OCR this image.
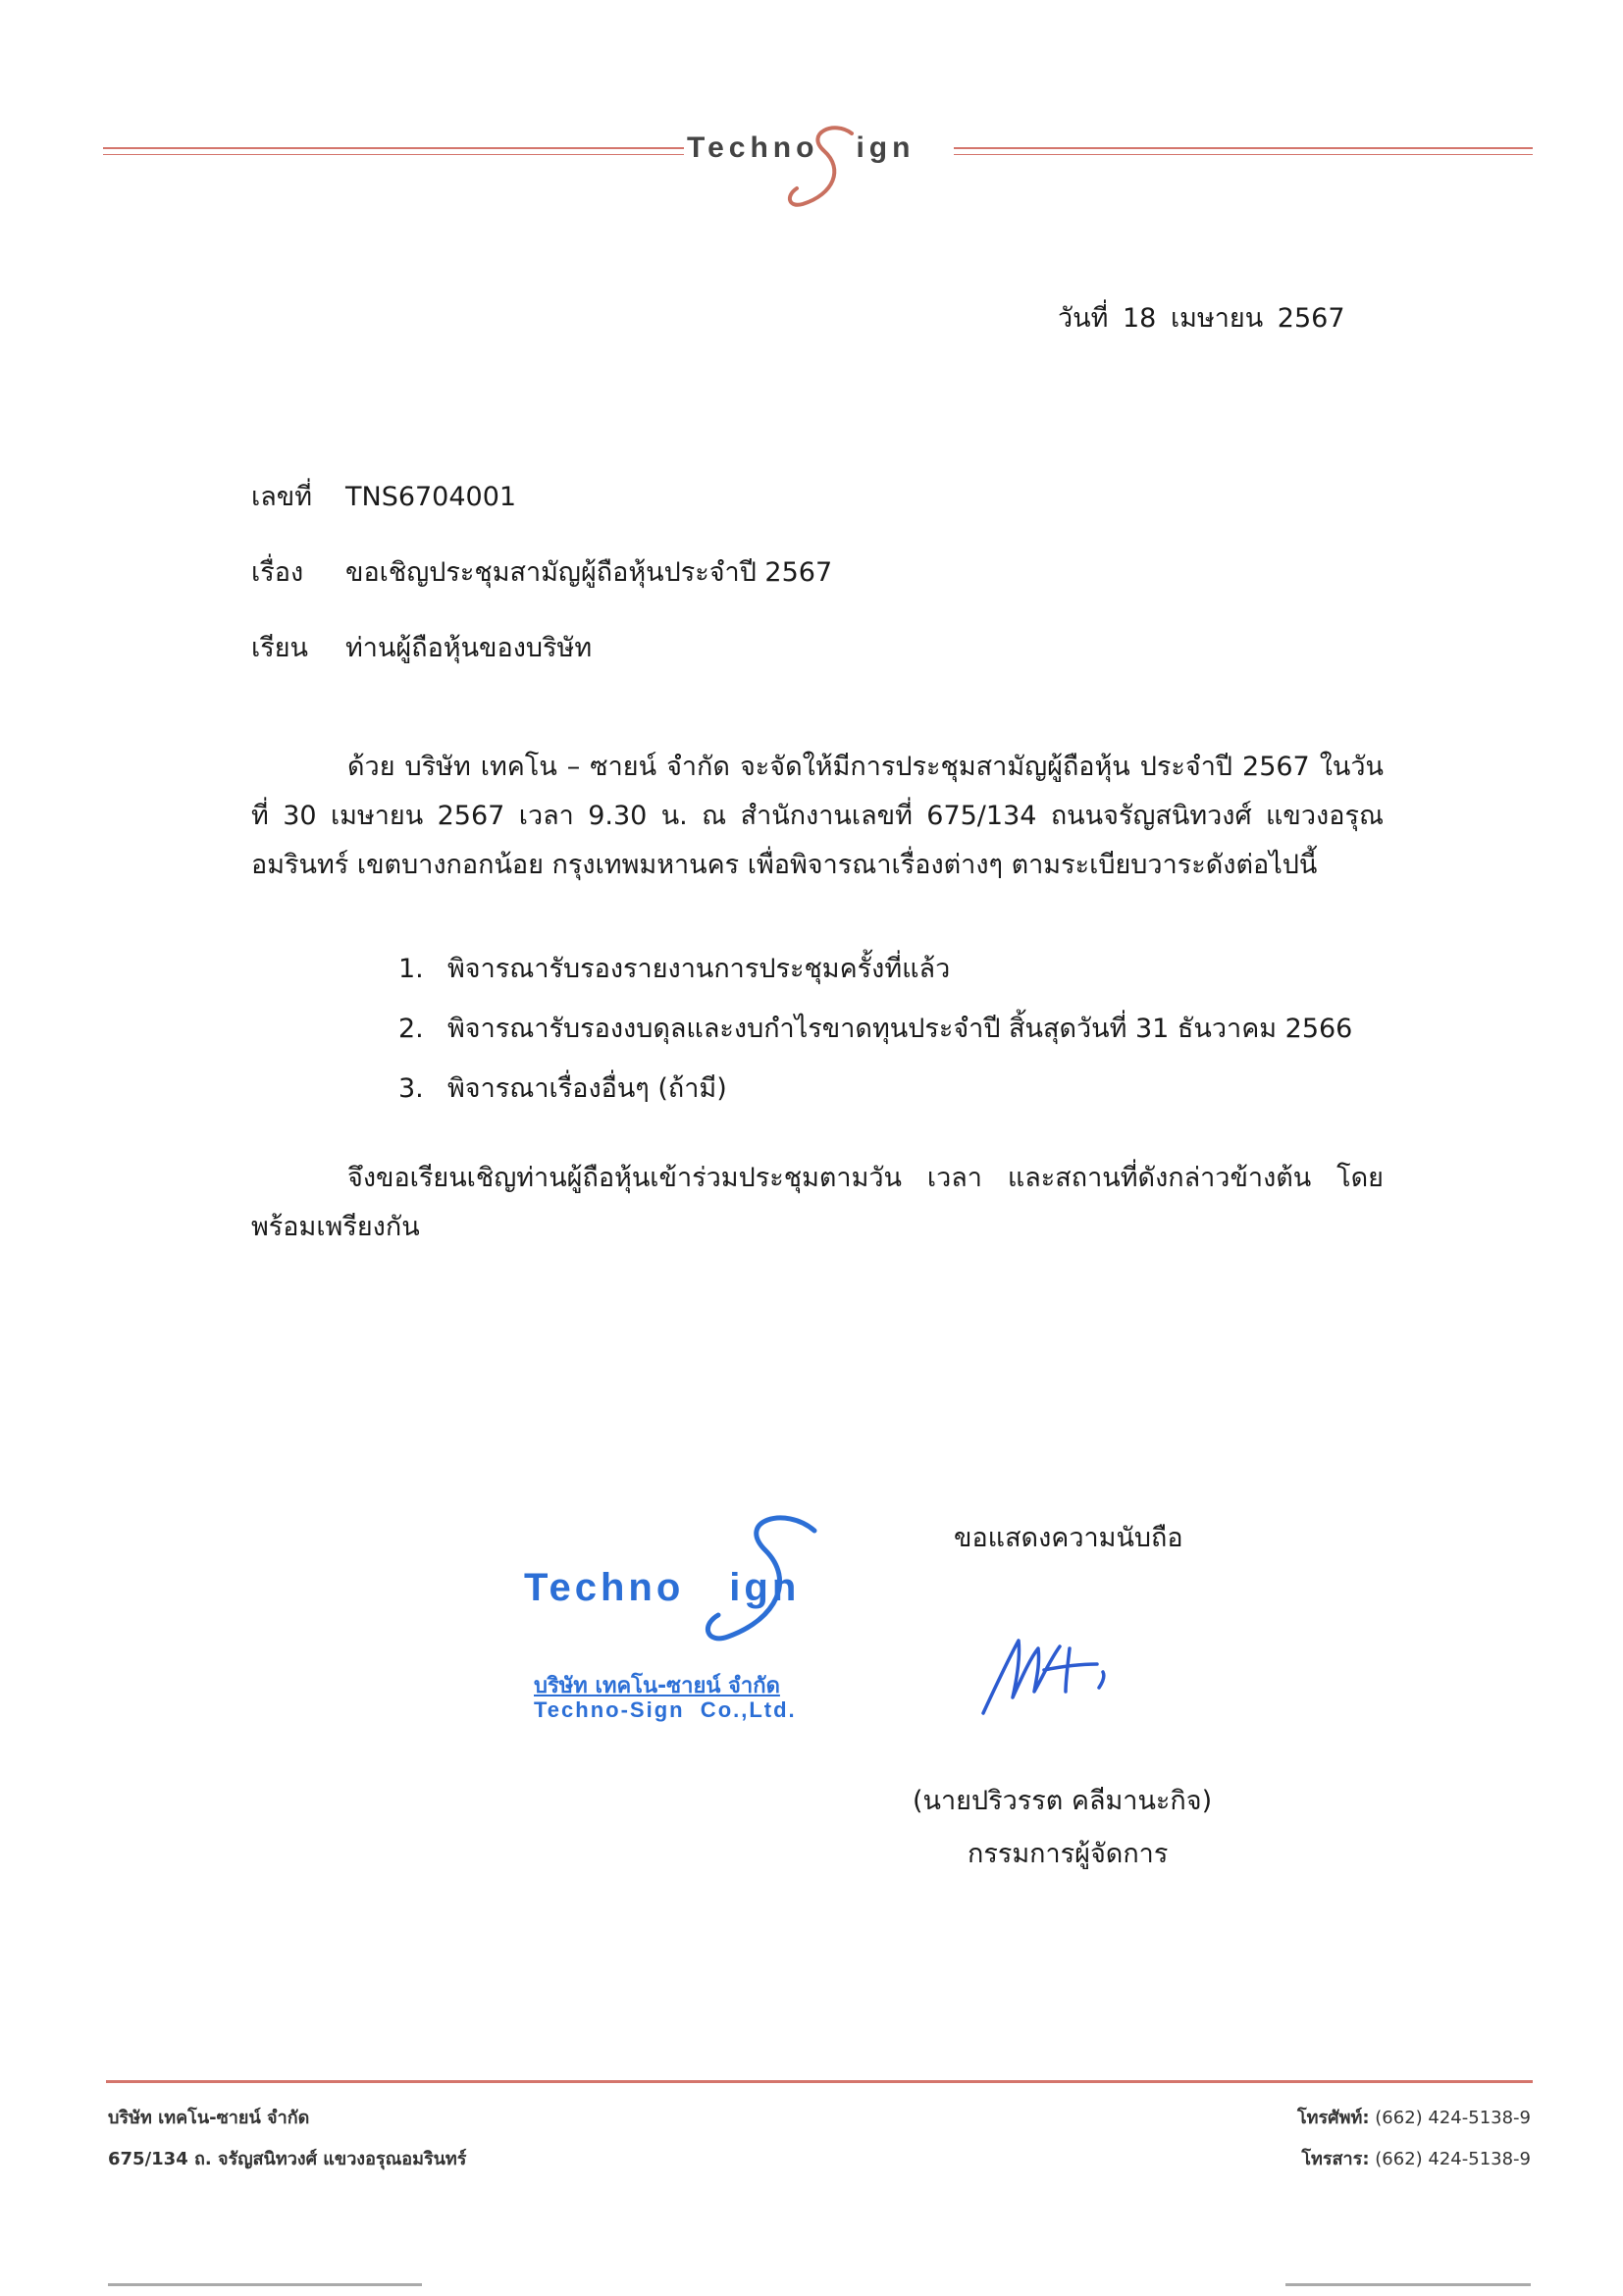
Techno ign
วันที่ 18 เมษายน 2567
เลขที่ TNS6704001
เรื่อง ขอเชิญประชุมสามัญผู้ถือหุ้นประจำปี 2567
เรียน ท่านผู้ถือหุ้นของบริษัท
ด้วย บริษัท เทคโน – ซายน์ จำกัด จะจัดให้มีการประชุมสามัญผู้ถือหุ้น ประจำปี 2567 ในวันที่ 30 เมษายน 2567 เวลา 9.30 น. ณ สำนักงานเลขที่ 675/134 ถนนจรัญสนิทวงศ์ แขวงอรุณอมรินทร์ เขตบางกอกน้อย กรุงเทพมหานคร เพื่อพิจารณาเรื่องต่างๆ ตามระเบียบวาระดังต่อไปนี้
1. พิจารณารับรองรายงานการประชุมครั้งที่แล้ว
2. พิจารณารับรองงบดุลและงบกำไรขาดทุนประจำปี สิ้นสุดวันที่ 31 ธันวาคม 2566
3. พิจารณาเรื่องอื่นๆ (ถ้ามี)
จึงขอเรียนเชิญท่านผู้ถือหุ้นเข้าร่วมประชุมตามวัน เวลา และสถานที่ดังกล่าวข้างต้น โดยพร้อมเพรียงกัน
Techno ign
บริษัท เทคโน-ซายน์ จำกัด
Techno-Sign  Co.,Ltd.
ขอแสดงความนับถือ
(นายปริวรรต คลีมานะกิจ)
กรรมการผู้จัดการ
บริษัท เทคโน-ซายน์ จำกัด
675/134 ถ. จรัญสนิทวงศ์ แขวงอรุณอมรินทร์
โทรศัพท์: (662) 424-5138-9
โทรสาร: (662) 424-5138-9
